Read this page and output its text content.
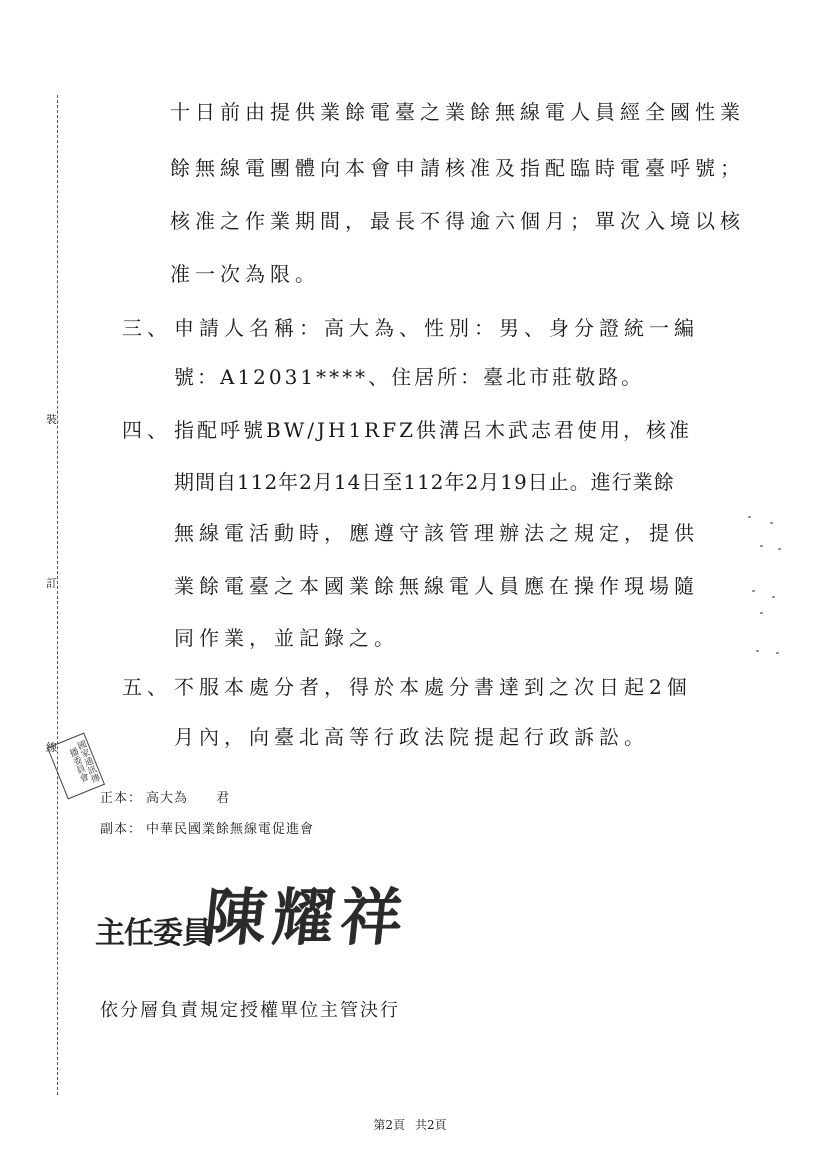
裝
訂
線
十日前由提供業餘電臺之業餘無線電人員經全國性業
餘無線電團體向本會申請核准及指配臨時電臺呼號；
核准之作業期間，最長不得逾六個月；單次入境以核
准一次為限。
三、 申請人名稱：高大為、性別：男、身分證統一編
號：A12031****、住居所：臺北市莊敬路。
四、 指配呼號BW/JH1RFZ供溝呂木武志君使用，核准
期間自112年2月14日至112年2月19日止。進行業餘
無線電活動時，應遵守該管理辦法之規定，提供
業餘電臺之本國業餘無線電人員應在操作現場隨
同作業，並記錄之。
五、 不服本處分者，得於本處分書達到之次日起2個
月內，向臺北高等行政法院提起行政訴訟。
國家通訊傳播委員會
正本： 高大為 君
副本： 中華民國業餘無線電促進會
主任委員
陳耀祥
依分層負責規定授權單位主管決行
第2頁 共2頁
